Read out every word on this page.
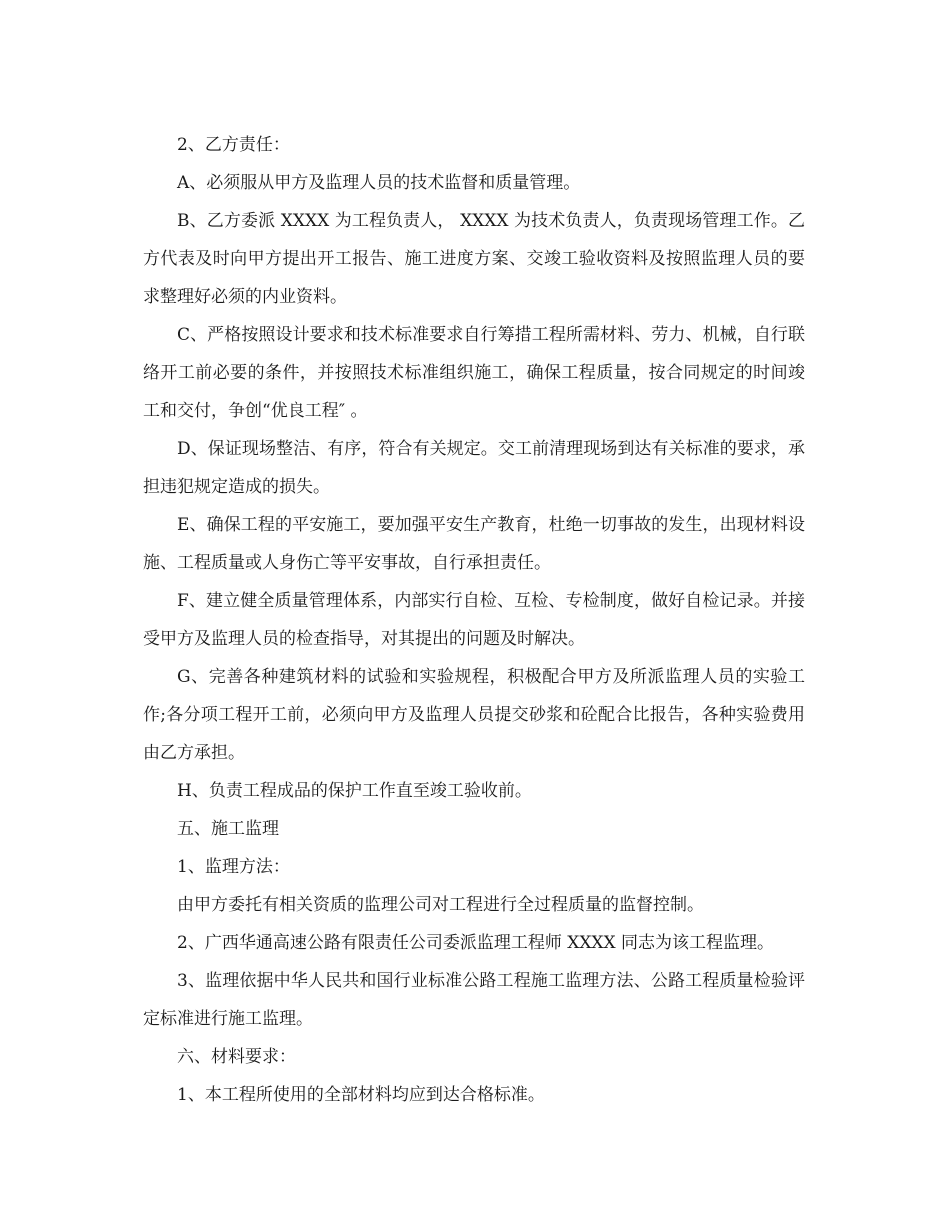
2、乙方责任：

A、必须服从甲方及监理人员的技术监督和质量管理。

B、乙方委派 XXXX 为工程负责人， XXXX 为技术负责人，负责现场管理工作。乙方代表及时向甲方提出开工报告、施工进度方案、交竣工验收资料及按照监理人员的要求整理好必须的内业资料。

C、严格按照设计要求和技术标准要求自行筹措工程所需材料、劳力、机械，自行联络开工前必要的条件，并按照技术标准组织施工，确保工程质量，按合同规定的时间竣工和交付，争创“优良工程″ 。

D、保证现场整洁、有序，符合有关规定。交工前清理现场到达有关标准的要求，承担违犯规定造成的损失。

E、确保工程的平安施工，要加强平安生产教育，杜绝一切事故的发生，出现材料设施、工程质量或人身伤亡等平安事故，自行承担责任。

F、建立健全质量管理体系，内部实行自检、互检、专检制度，做好自检记录。并接受甲方及监理人员的检查指导，对其提出的问题及时解决。

G、完善各种建筑材料的试验和实验规程，积极配合甲方及所派监理人员的实验工作;各分项工程开工前，必须向甲方及监理人员提交砂浆和砼配合比报告，各种实验费用由乙方承担。

H、负责工程成品的保护工作直至竣工验收前。

五、施工监理

1、监理方法：

由甲方委托有相关资质的监理公司对工程进行全过程质量的监督控制。

2、广西华通高速公路有限责任公司委派监理工程师 XXXX 同志为该工程监理。

3、监理依据中华人民共和国行业标准公路工程施工监理方法、公路工程质量检验评定标准进行施工监理。

六、材料要求：

1、本工程所使用的全部材料均应到达合格标准。
